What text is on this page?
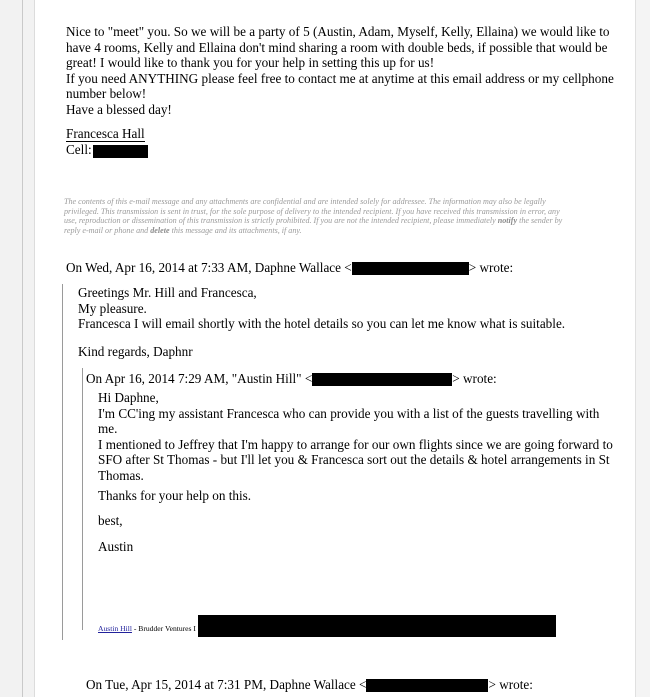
Nice to "meet" you. So we will be a party of 5 (Austin, Adam, Myself, Kelly, Ellaina) we would like to have 4 rooms, Kelly and Ellaina don't mind sharing a room with double beds, if possible that would be great! I would like to thank you for your help in setting this up for us!

If you need ANYTHING please feel free to contact me at anytime at this email address or my cellphone number below!

Have a blessed day!

Francesca Hall
Cell:
The contents of this e-mail message and any attachments are confidential and are intended solely for addressee. The information may also be legally
privileged. This transmission is sent in trust, for the sole purpose of delivery to the intended recipient. If you have received this transmission in error, any
use, reproduction or dissemination of this transmission is strictly prohibited. If you are not the intended recipient, please immediately notify the sender by
reply e-mail or phone and delete this message and its attachments, if any.
On Wed, Apr 16, 2014 at 7:33 AM, Daphne Wallace <	> wrote:

Greetings Mr. Hill and Francesca,

My pleasure.

Francesca I will email shortly with the hotel details so you can let me know what is suitable.

Kind regards, Daphnr

On Apr 16, 2014 7:29 AM, "Austin Hill" <	> wrote:

Hi Daphne,

I'm CC'ing my assistant Francesca who can provide you with a list of the guests travelling with me.

I mentioned to Jeffrey that I'm happy to arrange for our own flights since we are going forward to SFO after St Thomas - but I'll let you & Francesca sort out the details & hotel arrangements in St Thomas.

Thanks for your help on this.

best,

Austin

Austin Hill - Brudder Ventures I
On Tue, Apr 15, 2014 at 7:31 PM, Daphne Wallace <	> wrote:
